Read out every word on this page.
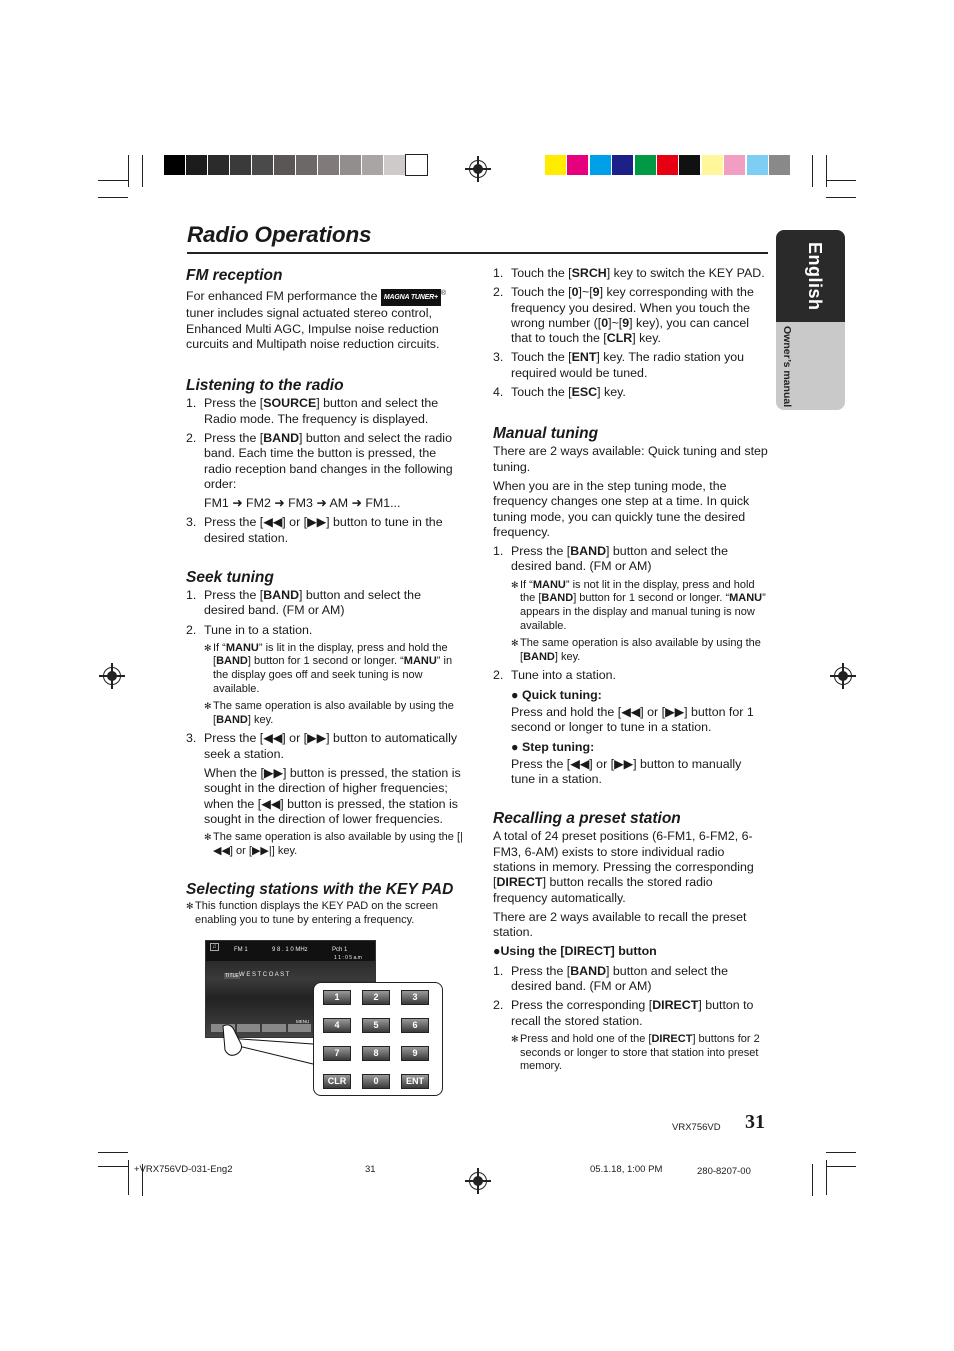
English
Owner’s manual
Radio Operations
FM reception

For enhanced FM performance the MAGNA TUNER+® tuner includes signal actuated stereo control, Enhanced Multi AGC, Impulse noise reduction curcuits and Multipath noise reduction circuits.

Listening to the radio
1. Press the [SOURCE] button and select the Radio mode. The frequency is displayed.
2. Press the [BAND] button and select the radio band. Each time the button is pressed, the radio reception band changes in the following order:
FM1 ➜ FM2 ➜ FM3 ➜ AM ➜ FM1...
3. Press the [◀◀] or [▶▶] button to tune in the desired station.
Seek tuning
1. Press the [BAND] button and select the desired band. (FM or AM)
2. Tune in to a station.
✻ If “MANU” is lit in the display, press and hold the [BAND] button for 1 second or longer. “MANU” in the display goes off and seek tuning is now available.
✻ The same operation is also available by using the [BAND] key.
3. Press the [◀◀] or [▶▶] button to automatically seek a station.
When the [▶▶] button is pressed, the station is sought in the direction of higher frequencies; when the [◀◀] button is pressed, the station is sought in the direction of lower frequencies.
✻ The same operation is also available by using the [|◀◀] or [▶▶|] key.
Selecting stations with the KEY PAD
✻ This function displays the KEY PAD on the screen enabling you to tune by entering a frequency.
♫	FM 1	9 8 . 1 0 MHz	Pch 1
1 1 : 0 5 a.m
TITLE W E S T C O A S T
MENU
1	2	3
4	5	6
7	8	9
CLR	0	ENT
1. Touch the [SRCH] key to switch the KEY PAD.
2. Touch the [0]~[9] key corresponding with the frequency you desired. When you touch the wrong number ([0]~[9] key), you can cancel that to touch the [CLR] key.
3. Touch the [ENT] key. The radio station you required would be tuned.
4. Touch the [ESC] key.
Manual tuning

There are 2 ways available: Quick tuning and step tuning.

When you are in the step tuning mode, the frequency changes one step at a time. In quick tuning mode, you can quickly tune the desired frequency.

1. Press the [BAND] button and select the desired band. (FM or AM)
✻ If “MANU” is not lit in the display, press and hold the [BAND] button for 1 second or longer. “MANU” appears in the display and manual tuning is now available.
✻ The same operation is also available by using the [BAND] key.
2. Tune into a station.
● Quick tuning:
Press and hold the [◀◀] or [▶▶] button for 1 second or longer to tune in a station.
● Step tuning:
Press the [◀◀] or [▶▶] button to manually tune in a station.
Recalling a preset station

A total of 24 preset positions (6-FM1, 6-FM2, 6-FM3, 6-AM) exists to store individual radio stations in memory. Pressing the corresponding [DIRECT] button recalls the stored radio frequency automatically.

There are 2 ways available to recall the preset station.

●Using the [DIRECT] button
1. Press the [BAND] button and select the desired band. (FM or AM)
2. Press the corresponding [DIRECT] button to recall the stored station.
✻ Press and hold one of the [DIRECT] buttons for 2 seconds or longer to store that station into preset memory.
VRX756VD 31
+VRX756VD-031-Eng2	31	05.1.18, 1:00 PM	280-8207-00
